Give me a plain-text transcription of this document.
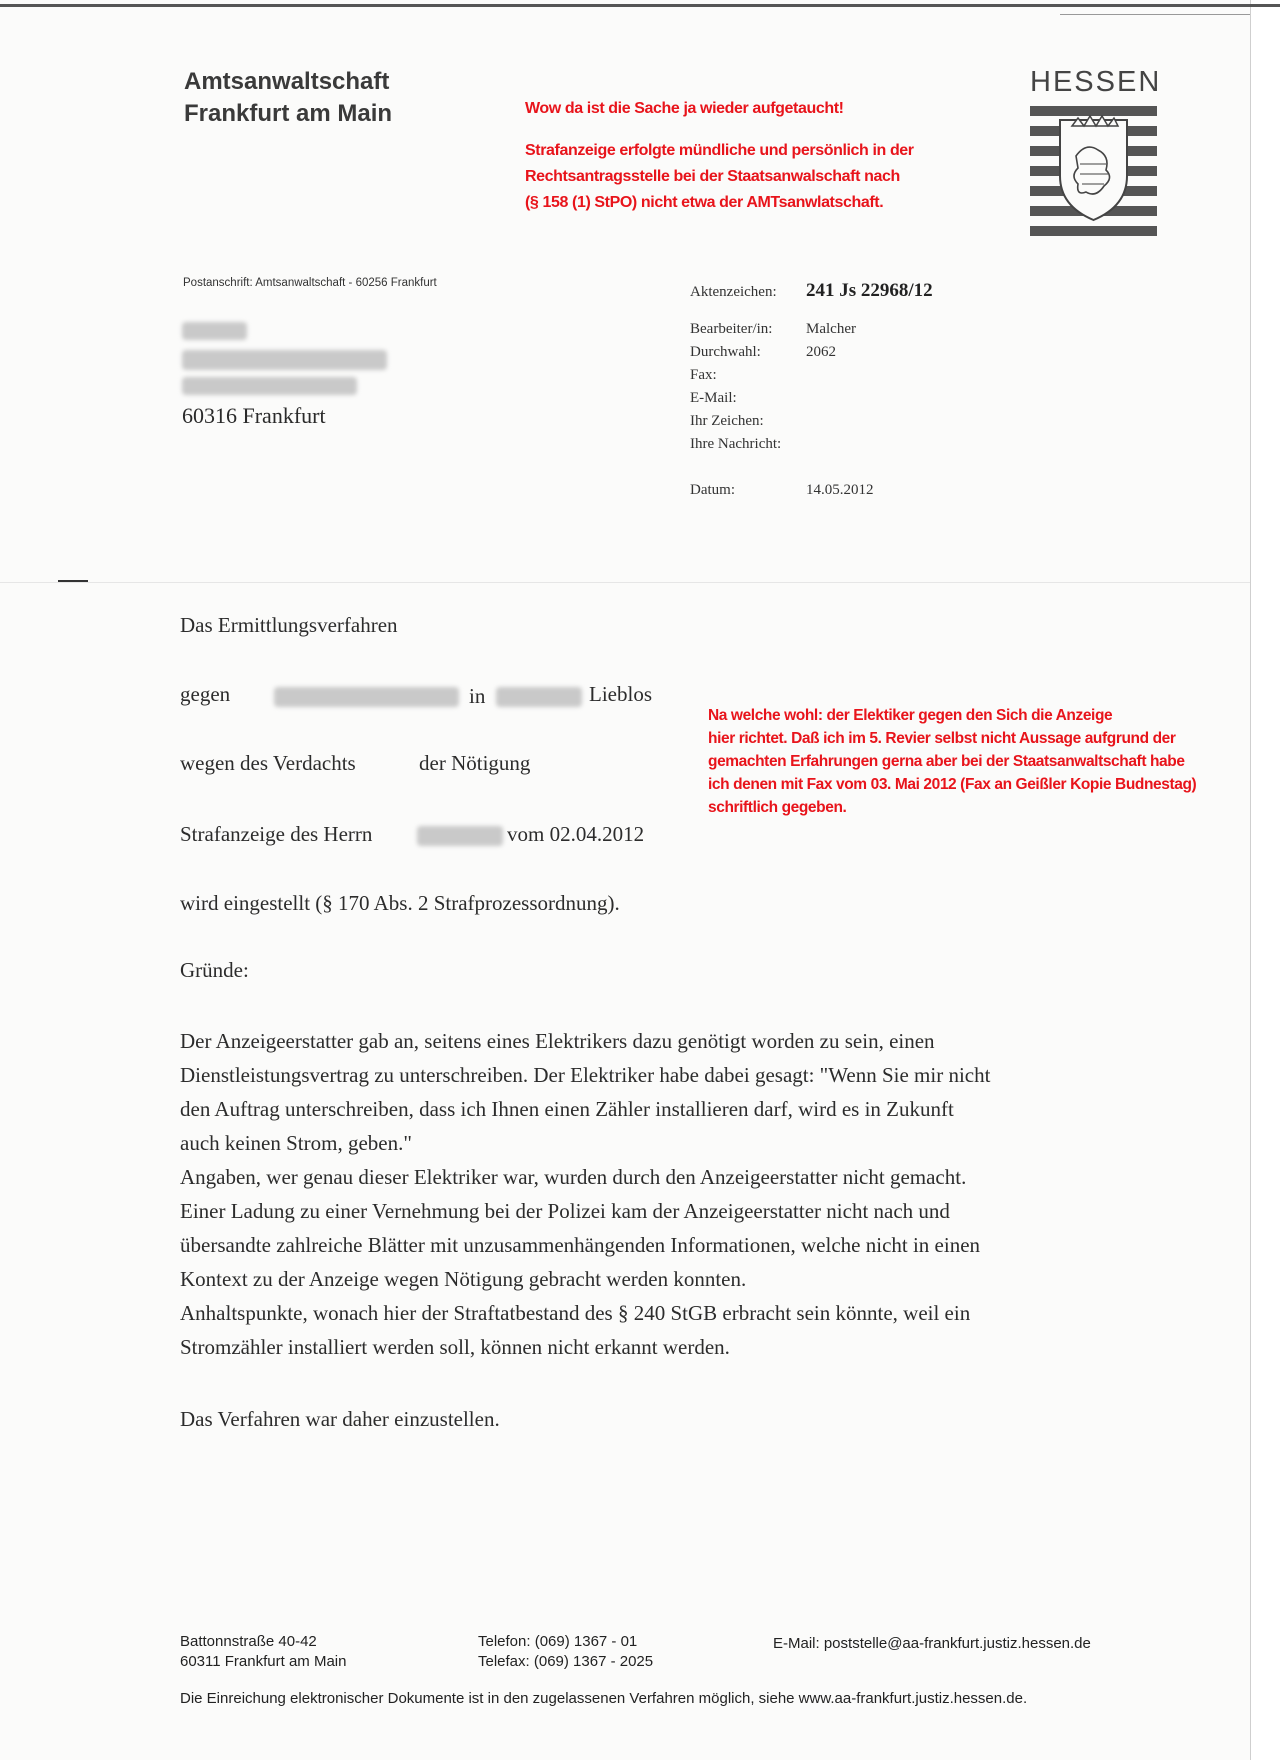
Amtsanwaltschaft
Frankfurt am Main
HESSEN
Wow da ist die Sache ja wieder aufgetaucht!
Strafanzeige erfolgte mündliche und persönlich in der
Rechtsantragsstelle bei der Staatsanwalschaft nach
(§ 158 (1) StPO) nicht etwa der AMTsanwlatschaft.
Postanschrift: Amtsanwaltschaft - 60256 Frankfurt
60316 Frankfurt
Aktenzeichen: 241 Js 22968/12
Bearbeiter/in: Malcher
Durchwahl:	2062
Fax:
E-Mail:
Ihr Zeichen:
Ihre Nachricht:
Datum:	14.05.2012
Das Ermittlungsverfahren
gegen	in	Lieblos
wegen des Verdachts	der Nötigung
Strafanzeige des Herrn	vom 02.04.2012
Na welche wohl: der Elektiker gegen den Sich die Anzeige
hier richtet. Daß ich im 5. Revier selbst nicht Aussage aufgrund der
gemachten Erfahrungen gerna aber bei der Staatsanwaltschaft habe
ich denen mit Fax vom 03. Mai 2012 (Fax an Geißler Kopie Budnestag)
schriftlich gegeben.
wird eingestellt (§ 170 Abs. 2 Strafprozessordnung).
Gründe:

Der Anzeigeerstatter gab an, seitens eines Elektrikers dazu genötigt worden zu sein, einen

Dienstleistungsvertrag zu unterschreiben. Der Elektriker habe dabei gesagt: "Wenn Sie mir nicht

den Auftrag unterschreiben, dass ich Ihnen einen Zähler installieren darf, wird es in Zukunft

auch keinen Strom, geben."

Angaben, wer genau dieser Elektriker war, wurden durch den Anzeigeerstatter nicht gemacht.

Einer Ladung zu einer Vernehmung bei der Polizei kam der Anzeigeerstatter nicht nach und

übersandte zahlreiche Blätter mit unzusammenhängenden Informationen, welche nicht in einen

Kontext zu der Anzeige wegen Nötigung gebracht werden konnten.

Anhaltspunkte, wonach hier der Straftatbestand des § 240 StGB erbracht sein könnte, weil ein

Stromzähler installiert werden soll, können nicht erkannt werden.

Das Verfahren war daher einzustellen.
Battonnstraße 40-42
60311 Frankfurt am Main
Telefon: (069) 1367 - 01
Telefax: (069) 1367 - 2025
E-Mail: poststelle@aa-frankfurt.justiz.hessen.de
Die Einreichung elektronischer Dokumente ist in den zugelassenen Verfahren möglich, siehe www.aa-frankfurt.justiz.hessen.de.
